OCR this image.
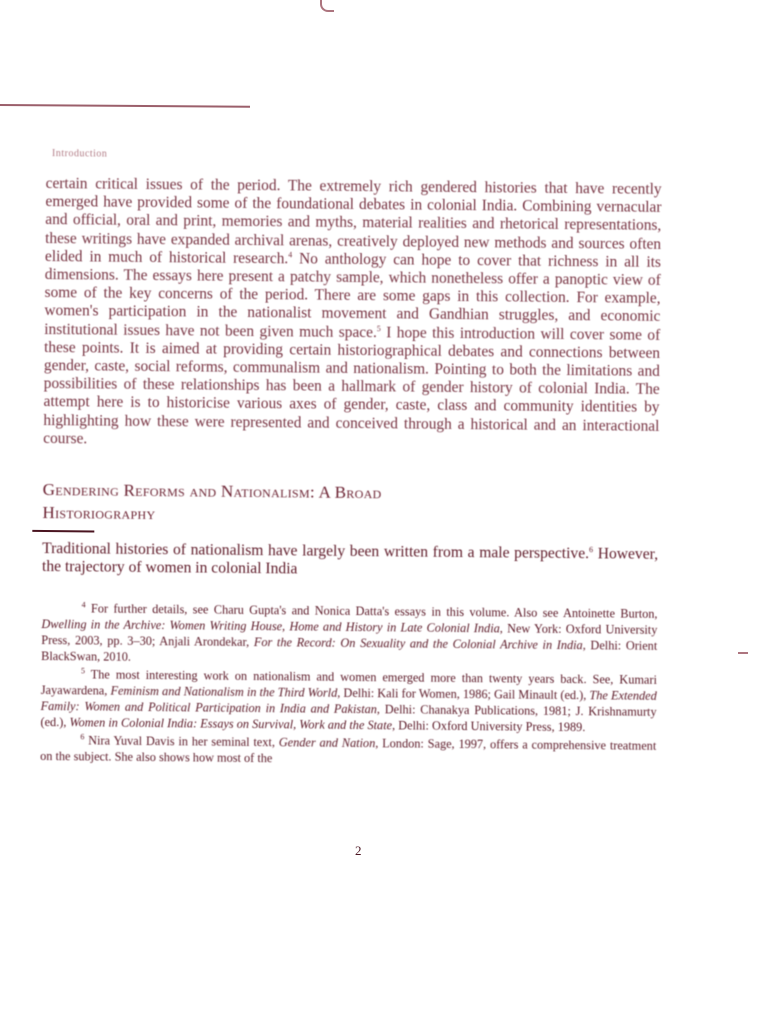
Introduction

certain critical issues of the period. The extremely rich gendered histories that have recently emerged have provided some of the foundational debates in colonial India. Combining vernacular and official, oral and print, memories and myths, material realities and rhetorical representations, these writings have expanded archival arenas, creatively deployed new methods and sources often elided in much of historical research.$^4$ No anthology can hope to cover that richness in all its dimensions. The essays here present a patchy sample, which nonetheless offer a panoptic view of some of the key concerns of the period. There are some gaps in this collection. For example, women's participation in the nationalist movement and Gandhian struggles, and economic institutional issues have not been given much space.$^5$ I hope this introduction will cover some of these points. It is aimed at providing certain historiographical debates and connections between gender, caste, social reforms, communalism and nationalism. Pointing to both the limitations and possibilities of these relationships has been a hallmark of gender history of colonial India. The attempt here is to historicise various axes of gender, caste, class and community identities by highlighting how these were represented and conceived through a historical and an interactional course.

Gendering Reforms and Nationalism: A Broad
Historiography

Traditional histories of nationalism have largely been written from a male perspective.$^6$ However, the trajectory of women in colonial India

$^4$ For further details, see Charu Gupta's and Nonica Datta's essays in this volume. Also see Antoinette Burton, Dwelling in the Archive: Women Writing House, Home and History in Late Colonial India, New York: Oxford University Press, 2003, pp. 3–30; Anjali Arondekar, For the Record: On Sexuality and the Colonial Archive in India, Delhi: Orient BlackSwan, 2010.

$^5$ The most interesting work on nationalism and women emerged more than twenty years back. See, Kumari Jayawardena, Feminism and Nationalism in the Third World, Delhi: Kali for Women, 1986; Gail Minault (ed.), The Extended Family: Women and Political Participation in India and Pakistan, Delhi: Chanakya Publications, 1981; J. Krishnamurty (ed.), Women in Colonial India: Essays on Survival, Work and the State, Delhi: Oxford University Press, 1989.

$^6$ Nira Yuval Davis in her seminal text, Gender and Nation, London: Sage, 1997, offers a comprehensive treatment on the subject. She also shows how most of the

2
